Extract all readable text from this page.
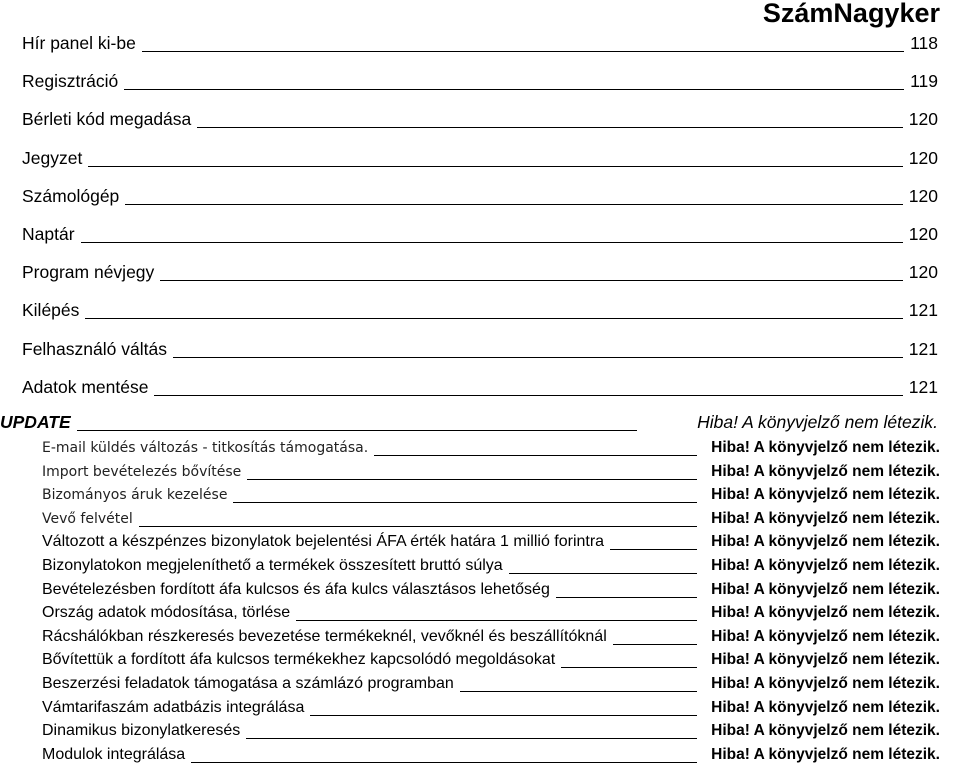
SzámNagyker
Hír panel ki-be	118
Regisztráció	119
Bérleti kód megadása	120
Jegyzet	120
Számológép	120
Naptár	120
Program névjegy	120
Kilépés	121
Felhasználó váltás	121
Adatok mentése	121
UPDATE	Hiba! A könyvjelző nem létezik.
E-mail küldés változás - titkosítás támogatása.	Hiba! A könyvjelző nem létezik.
Import bevételezés bővítése	Hiba! A könyvjelző nem létezik.
Bizományos áruk kezelése	Hiba! A könyvjelző nem létezik.
Vevő felvétel	Hiba! A könyvjelző nem létezik.
Változott a készpénzes bizonylatok bejelentési ÁFA érték határa 1 millió forintra	Hiba! A könyvjelző nem létezik.
Bizonylatokon megjeleníthető a termékek összesített bruttó súlya	Hiba! A könyvjelző nem létezik.
Bevételezésben fordított áfa kulcsos és áfa kulcs választásos lehetőség	Hiba! A könyvjelző nem létezik.
Ország adatok módosítása, törlése	Hiba! A könyvjelző nem létezik.
Rácshálókban részkeresés bevezetése termékeknél, vevőknél és beszállítóknál	Hiba! A könyvjelző nem létezik.
Bővítettük a fordított áfa kulcsos termékekhez kapcsolódó megoldásokat	Hiba! A könyvjelző nem létezik.
Beszerzési feladatok támogatása a számlázó programban	Hiba! A könyvjelző nem létezik.
Vámtarifaszám adatbázis integrálása	Hiba! A könyvjelző nem létezik.
Dinamikus bizonylatkeresés	Hiba! A könyvjelző nem létezik.
Modulok integrálása	Hiba! A könyvjelző nem létezik.
